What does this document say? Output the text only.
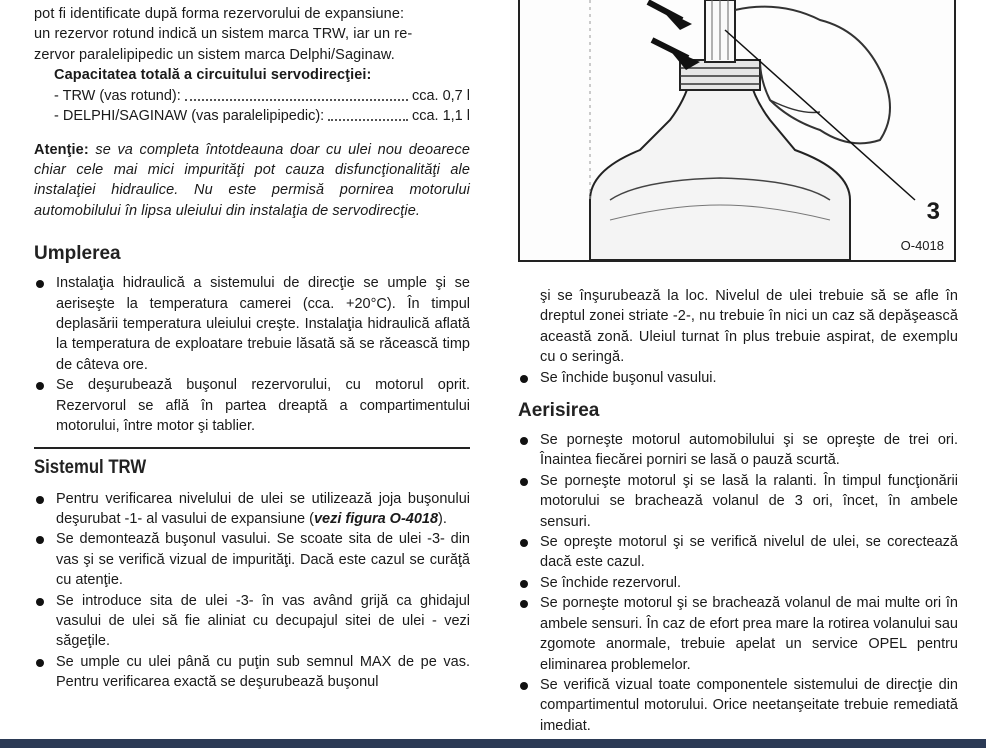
pot fi identificate după forma rezervorului de expansiune:

un rezervor rotund indică un sistem marca TRW, iar un re-

zervor paralelipipedic un sistem marca Delphi/Saginaw.

Capacitatea totală a circuitului servodirecţiei:

- TRW (vas rotund):	cca. 0,7 l
- DELPHI/SAGINAW (vas paralelipipedic):	cca. 1,1 l

Atenţie: se va completa întotdeauna doar cu ulei nou deoarece chiar cele mai mici impurităţi pot cauza disfuncţionalităţi ale instalaţiei hidraulice. Nu este permisă pornirea motorului automobilului în lipsa uleiului din instalaţia de servodirecţie.

Umplerea
Instalaţia hidraulică a sistemului de direcţie se umple şi se aeriseşte la temperatura camerei (cca. +20°C). În timpul deplasării temperatura uleiului creşte. Instalaţia hidraulică aflată la temperatura de exploatare trebuie lăsată să se răcească timp de câteva ore.
Se deşurubează buşonul rezervorului, cu motorul oprit. Rezervorul se află în partea dreaptă a compartimentului motorului, între motor şi tablier.
Sistemul TRW
Pentru verificarea nivelului de ulei se utilizează joja buşonului deşurubat -1- al vasului de expansiune (vezi figura O-4018).
Se demontează buşonul vasului. Se scoate sita de ulei -3- din vas şi se verifică vizual de impurităţi. Dacă este cazul se curăţă cu atenţie.
Se introduce sita de ulei -3- în vas având grijă ca ghidajul vasului de ulei să fie aliniat cu decupajul sitei de ulei - vezi săgeţile.
Se umple cu ulei până cu puţin sub semnul MAX de pe vas. Pentru verificarea exactă se deşurubează buşonul
3
O-4018

şi se înşurubează la loc. Nivelul de ulei trebuie să se afle în dreptul zonei striate -2-, nu trebuie în nici un caz să depăşească această zonă. Uleiul turnat în plus trebuie aspirat, de exemplu cu o seringă.

Se închide buşonul vasului.
Aerisirea
Se porneşte motorul automobilului şi se opreşte de trei ori. Înaintea fiecărei porniri se lasă o pauză scurtă.
Se porneşte motorul şi se lasă la ralanti. În timpul funcţionării motorului se brachează volanul de 3 ori, încet, în ambele sensuri.
Se opreşte motorul şi se verifică nivelul de ulei, se corectează dacă este cazul.
Se închide rezervorul.
Se porneşte motorul şi se brachează volanul de mai multe ori în ambele sensuri. În caz de efort prea mare la rotirea volanului sau zgomote anormale, trebuie apelat un service OPEL pentru eliminarea problemelor.
Se verifică vizual toate componentele sistemului de direcţie din compartimentul motorului. Orice neetanşeitate trebuie remediată imediat.
